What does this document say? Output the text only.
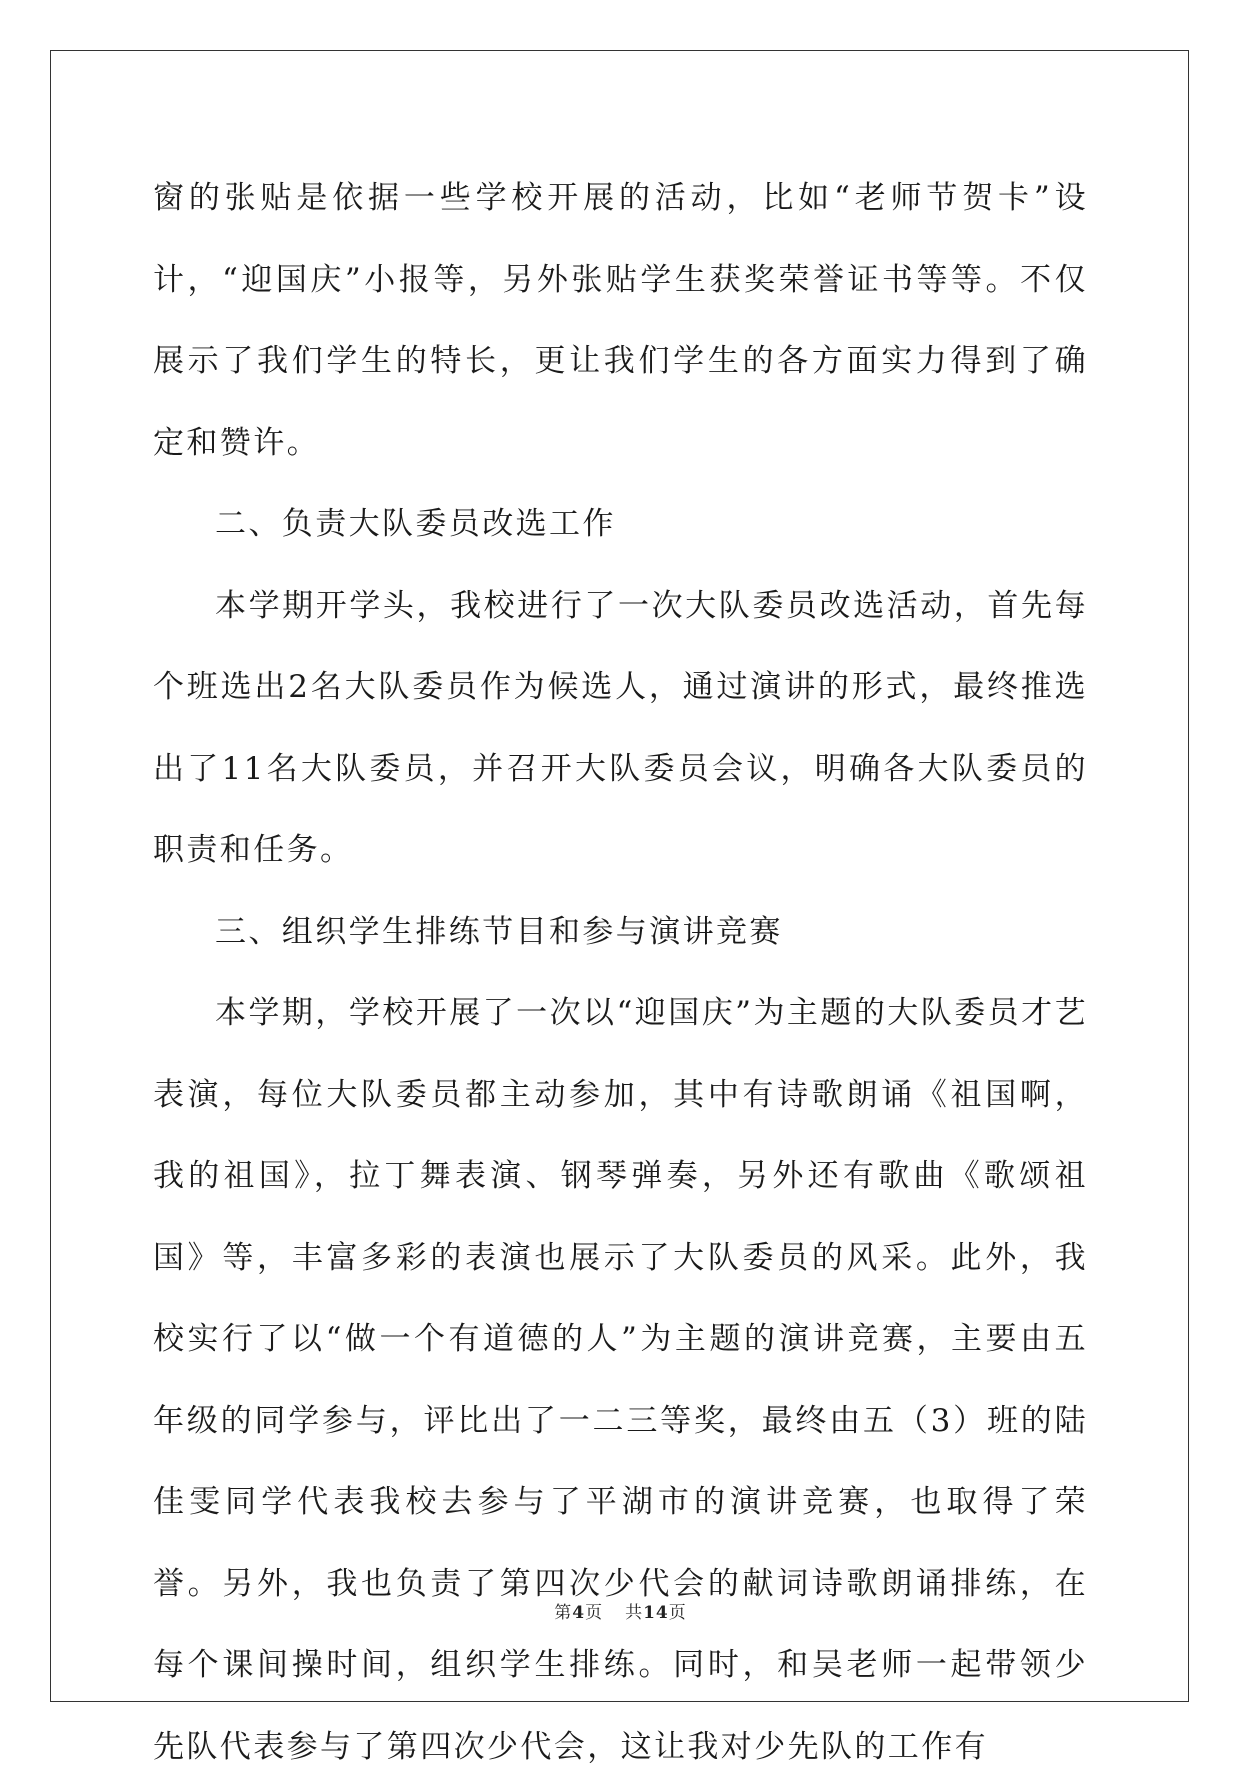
窗的张贴是依据一些学校开展的活动，比如“老师节贺卡”设计，“迎国庆”小报等，另外张贴学生获奖荣誉证书等等。不仅展示了我们学生的特长，更让我们学生的各方面实力得到了确定和赞许。

二、负责大队委员改选工作

本学期开学头，我校进行了一次大队委员改选活动，首先每个班选出2名大队委员作为候选人，通过演讲的形式，最终推选出了11名大队委员，并召开大队委员会议，明确各大队委员的职责和任务。

三、组织学生排练节目和参与演讲竞赛

本学期，学校开展了一次以“迎国庆”为主题的大队委员才艺表演，每位大队委员都主动参加，其中有诗歌朗诵《祖国啊，我的祖国》，拉丁舞表演、钢琴弹奏，另外还有歌曲《歌颂祖国》等，丰富多彩的表演也展示了大队委员的风采。此外，我校实行了以“做一个有道德的人”为主题的演讲竞赛，主要由五年级的同学参与，评比出了一二三等奖，最终由五（3）班的陆佳雯同学代表我校去参与了平湖市的演讲竞赛，也取得了荣誉。另外，我也负责了第四次少代会的献词诗歌朗诵排练，在每个课间操时间，组织学生排练。同时，和吴老师一起带领少先队代表参与了第四次少代会，这让我对少先队的工作有

第4页 共14页
